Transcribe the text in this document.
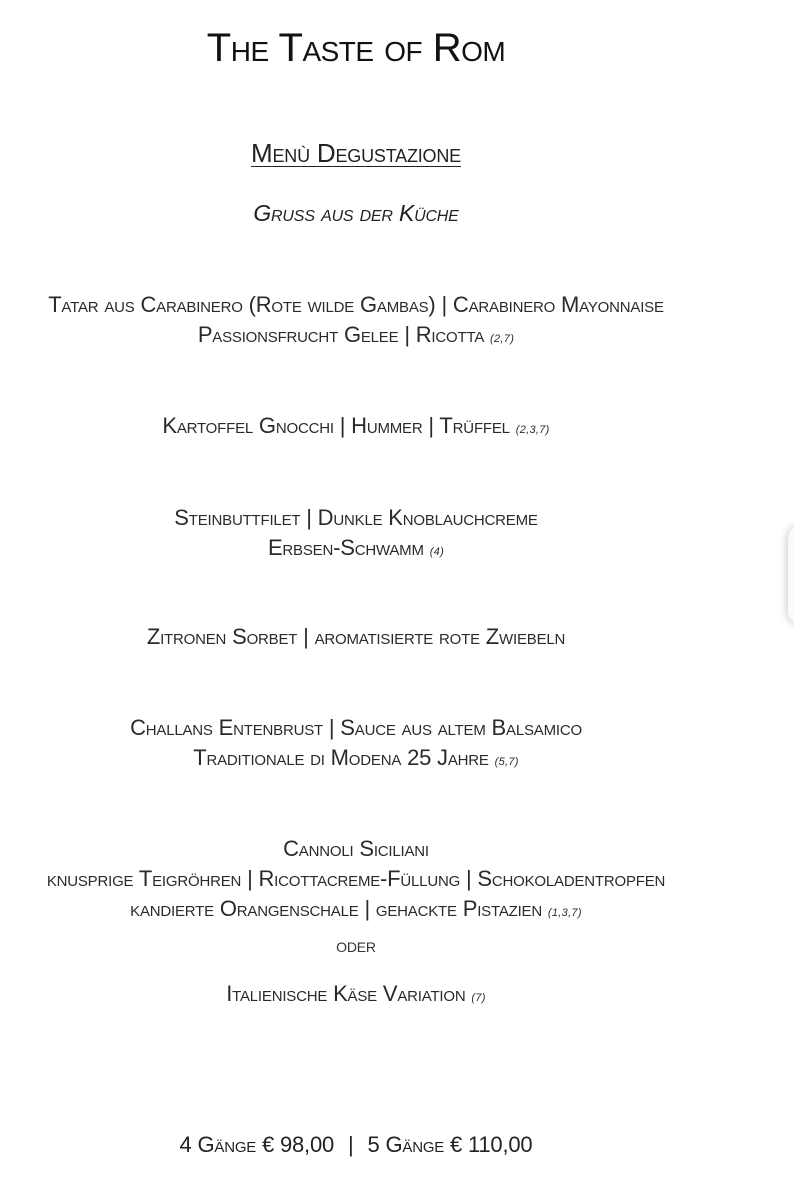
The Taste of Rom
Menù Degustazione
Gruß aus der Küche
Tatar aus Carabinero (Rote wilde Gambas) | Carabinero Mayonnaise
Passionsfrucht Gelee | Ricotta (2,7)
Kartoffel Gnocchi | Hummer | Trüffel (2,3,7)
Steinbuttfilet | Dunkle Knoblauchcreme
Erbsen-Schwamm (4)
Zitronen Sorbet | aromatisierte rote Zwiebeln
Challans Entenbrust | Sauce aus altem Balsamico
Traditionale di Modena 25 Jahre (5,7)
Cannoli Siciliani
knusprige Teigröhren | Ricottacreme-Füllung | Schokoladentropfen
kandierte Orangenschale | gehackte Pistazien (1,3,7)
oder
Italienische Käse Variation (7)
4 Gänge € 98,00 | 5 Gänge € 110,00
